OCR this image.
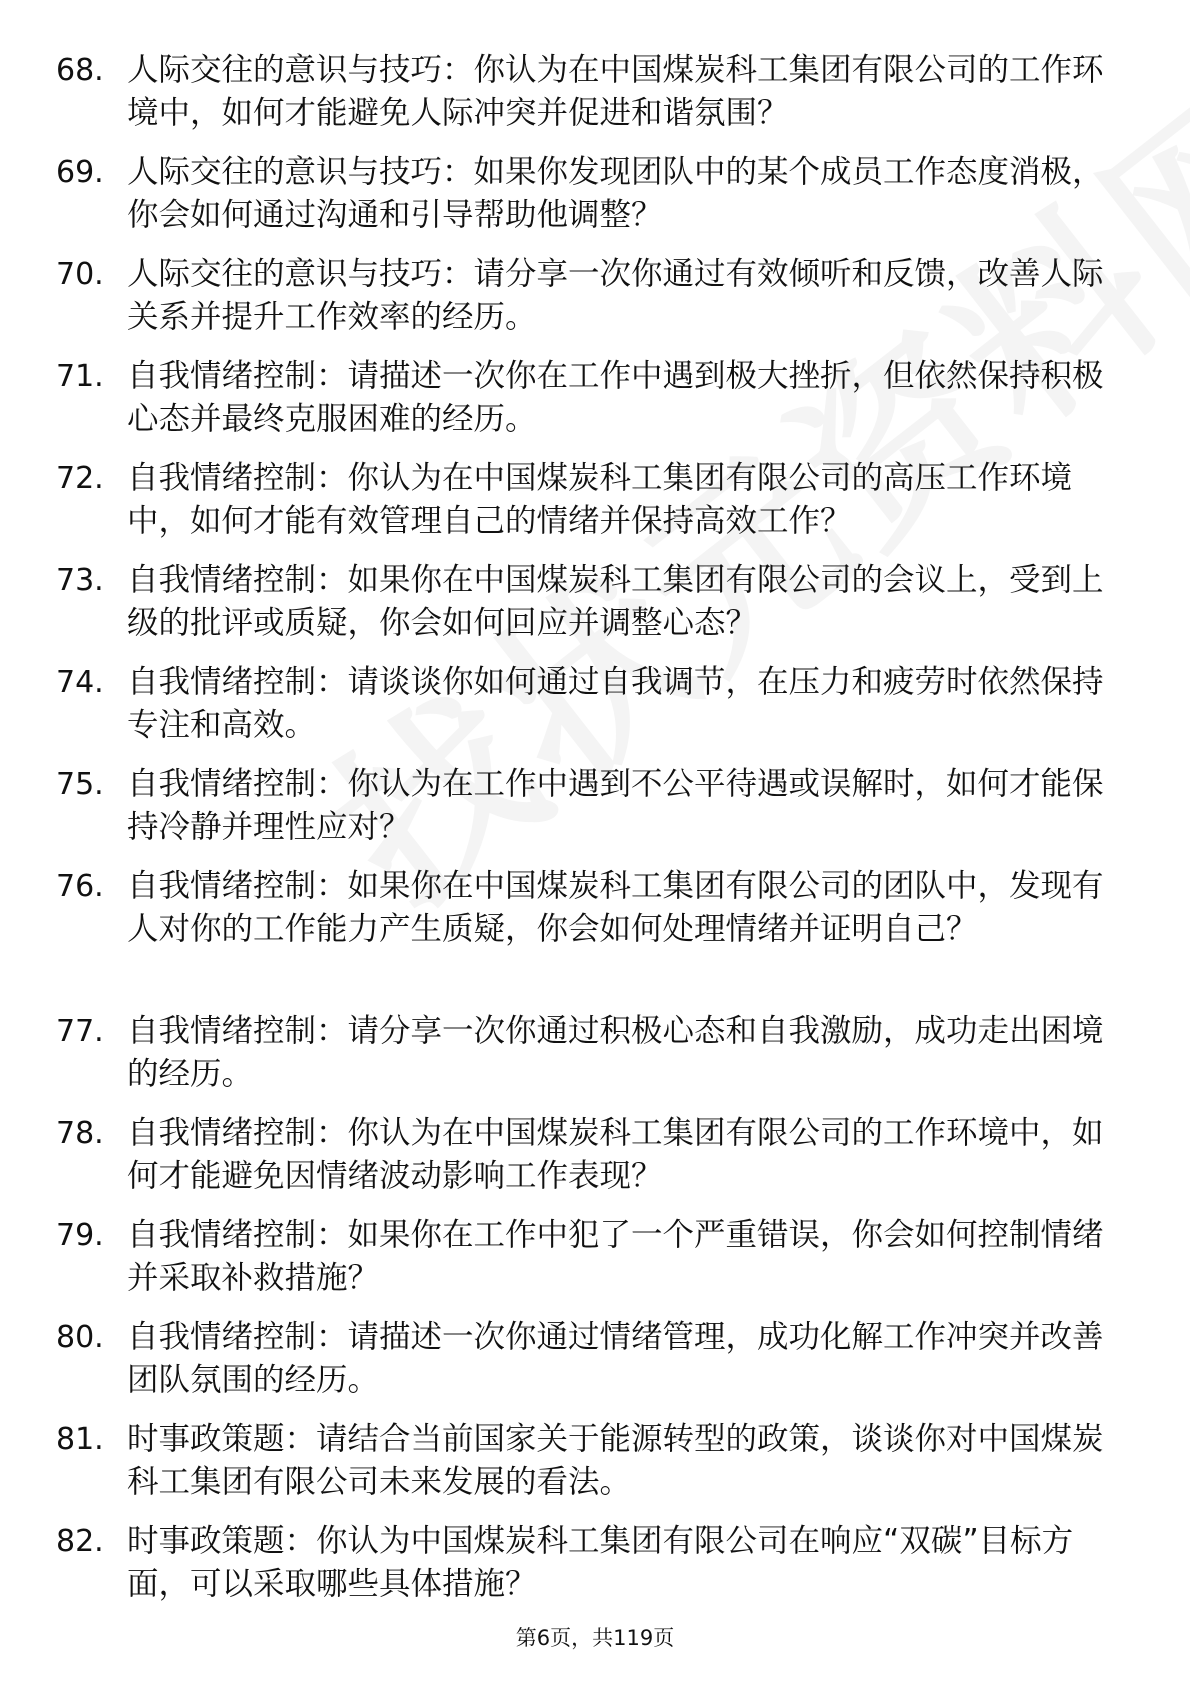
68. 人际交往的意识与技巧：你认为在中国煤炭科工集团有限公司的工作环境中，如何才能避免人际冲突并促进和谐氛围？
69. 人际交往的意识与技巧：如果你发现团队中的某个成员工作态度消极，你会如何通过沟通和引导帮助他调整？
70. 人际交往的意识与技巧：请分享一次你通过有效倾听和反馈，改善人际关系并提升工作效率的经历。
71. 自我情绪控制：请描述一次你在工作中遇到极大挫折，但依然保持积极心态并最终克服困难的经历。
72. 自我情绪控制：你认为在中国煤炭科工集团有限公司的高压工作环境中，如何才能有效管理自己的情绪并保持高效工作？
73. 自我情绪控制：如果你在中国煤炭科工集团有限公司的会议上，受到上级的批评或质疑，你会如何回应并调整心态？
74. 自我情绪控制：请谈谈你如何通过自我调节，在压力和疲劳时依然保持专注和高效。
75. 自我情绪控制：你认为在工作中遇到不公平待遇或误解时，如何才能保持冷静并理性应对？
76. 自我情绪控制：如果你在中国煤炭科工集团有限公司的团队中，发现有人对你的工作能力产生质疑，你会如何处理情绪并证明自己？
77. 自我情绪控制：请分享一次你通过积极心态和自我激励，成功走出困境的经历。
78. 自我情绪控制：你认为在中国煤炭科工集团有限公司的工作环境中，如何才能避免因情绪波动影响工作表现？
79. 自我情绪控制：如果你在工作中犯了一个严重错误，你会如何控制情绪并采取补救措施？
80. 自我情绪控制：请描述一次你通过情绪管理，成功化解工作冲突并改善团队氛围的经历。
81. 时事政策题：请结合当前国家关于能源转型的政策，谈谈你对中国煤炭科工集团有限公司未来发展的看法。
82. 时事政策题：你认为中国煤炭科工集团有限公司在响应“双碳”目标方面，可以采取哪些具体措施？
第6页，共119页
